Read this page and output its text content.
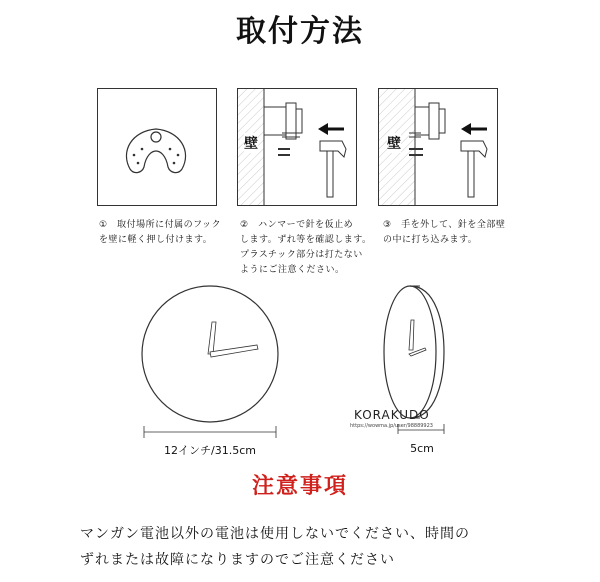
取付方法
壁	壁
①　取付場所に付属のフック
を壁に軽く押し付けます。
②　ハンマーで針を仮止め
します。ずれ等を確認します。
プラスチック部分は打たない
ようにご注意ください。
③　手を外して、針を全部壁
の中に打ち込みます。
12インチ/31.5cm	5cm
KORAKUDO
https://wowma.jp/user/98889923
注意事項
マンガン電池以外の電池は使用しないでください、時間の
ずれまたは故障になりますのでご注意ください
